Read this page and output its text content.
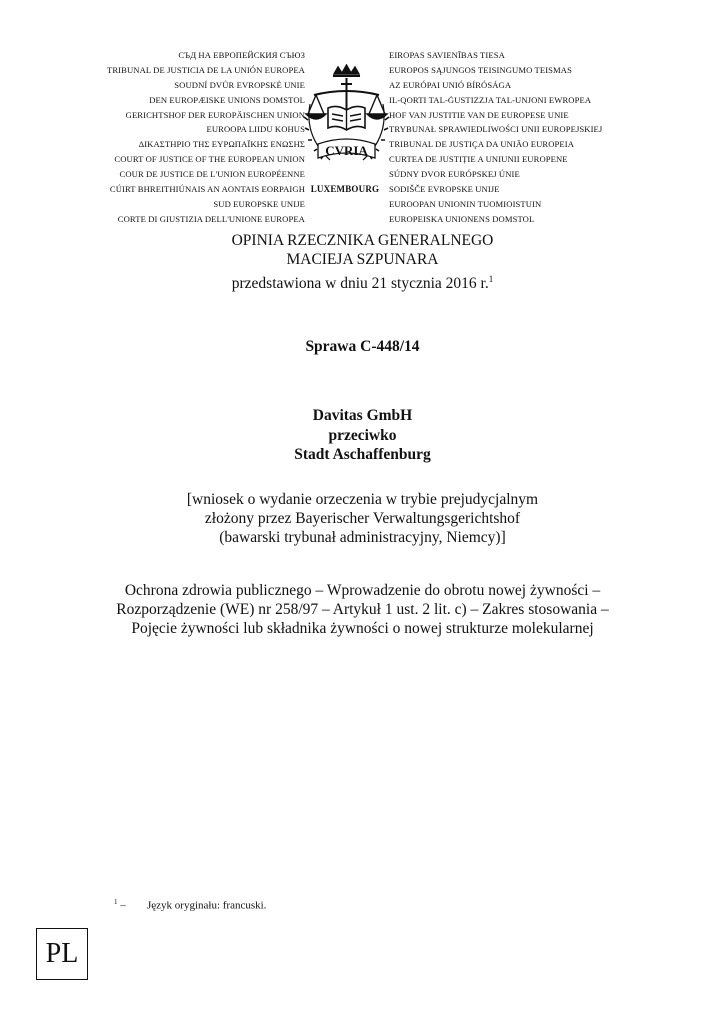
СЪД НА ЕВРОПЕЙСКИЯ СЪЮЗ
TRIBUNAL DE JUSTICIA DE LA UNIÓN EUROPEA
SOUDNÍ DVŮR EVROPSKÉ UNIE
DEN EUROPÆISKE UNIONS DOMSTOL
GERICHTSHOF DER EUROPÄISCHEN UNION
EUROOPA LIIDU KOHUS
ΔΙΚΑΣΤΗΡΙΟ ΤΗΣ ΕΥΡΩΠΑΪΚΗΣ ΕΝΩΣΗΣ
COURT OF JUSTICE OF THE EUROPEAN UNION
COUR DE JUSTICE DE L'UNION EUROPÉENNE
CÚIRT BHREITHIÚNAIS AN AONTAIS EORPAIGH
SUD EUROPSKE UNIJE
CORTE DI GIUSTIZIA DELL'UNIONE EUROPEA
EIROPAS SAVIENĪBAS TIESA
EUROPOS SĄJUNGOS TEISINGUMO TEISMAS
AZ EURÓPAI UNIÓ BÍRÓSÁGA
IL-QORTI TAL-ĠUSTIZZJA TAL-UNJONI EWROPEA
HOF VAN JUSTITIE VAN DE EUROPESE UNIE
TRYBUNAŁ SPRAWIEDLIWOŚCI UNII EUROPEJSKIEJ
TRIBUNAL DE JUSTIÇA DA UNIÃO EUROPEIA
CURTEA DE JUSTIȚIE A UNIUNII EUROPENE
SÚDNY DVOR EURÓPSKEJ ÚNIE
SODIŠČE EVROPSKE UNIJE
EUROOPAN UNIONIN TUOMIOISTUIN
EUROPEISKA UNIONENS DOMSTOL
CVRIA
LUXEMBOURG
OPINIA RZECZNIKA GENERALNEGO
MACIEJA SZPUNARA
przedstawiona w dniu 21 stycznia 2016 r.$^1$
Sprawa C-448/14
Davitas GmbH
przeciwko
Stadt Aschaffenburg
[wniosek o wydanie orzeczenia w trybie prejudycjalnym
złożony przez Bayerischer Verwaltungsgerichtshof
(bawarski trybunał administracyjny, Niemcy)]
Ochrona zdrowia publicznego – Wprowadzenie do obrotu nowej żywności –
Rozporządzenie (WE) nr 258/97 – Artykuł 1 ust. 2 lit. c) – Zakres stosowania –
Pojęcie żywności lub składnika żywności o nowej strukturze molekularnej
$^1$ – Język oryginału: francuski.
PL
